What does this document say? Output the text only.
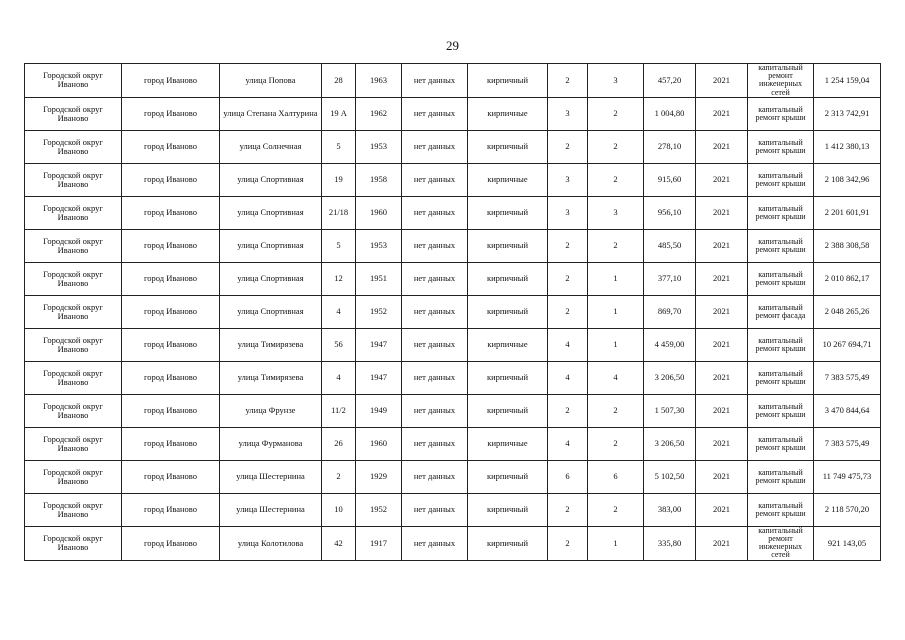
29
Городской округ Иваново	город Иваново	улица Попова	28	1963	нет данных	кирпичный	2	3	457,20	2021	капитальный ремонт инженерных сетей	1 254 159,04
Городской округ Иваново	город Иваново	улица Степана Халтурина	19 А	1962	нет данных	кирпичные	3	2	1 004,80	2021	капитальный ремонт крыши	2 313 742,91
Городской округ Иваново	город Иваново	улица Солнечная	5	1953	нет данных	кирпичный	2	2	278,10	2021	капитальный ремонт крыши	1 412 380,13
Городской округ Иваново	город Иваново	улица Спортивная	19	1958	нет данных	кирпичные	3	2	915,60	2021	капитальный ремонт крыши	2 108 342,96
Городской округ Иваново	город Иваново	улица Спортивная	21/18	1960	нет данных	кирпичный	3	3	956,10	2021	капитальный ремонт крыши	2 201 601,91
Городской округ Иваново	город Иваново	улица Спортивная	5	1953	нет данных	кирпичный	2	2	485,50	2021	капитальный ремонт крыши	2 388 308,58
Городской округ Иваново	город Иваново	улица Спортивная	12	1951	нет данных	кирпичный	2	1	377,10	2021	капитальный ремонт крыши	2 010 862,17
Городской округ Иваново	город Иваново	улица Спортивная	4	1952	нет данных	кирпичный	2	1	869,70	2021	капитальный ремонт фасада	2 048 265,26
Городской округ Иваново	город Иваново	улица Тимирязева	56	1947	нет данных	кирпичные	4	1	4 459,00	2021	капитальный ремонт крыши	10 267 694,71
Городской округ Иваново	город Иваново	улица Тимирязева	4	1947	нет данных	кирпичный	4	4	3 206,50	2021	капитальный ремонт крыши	7 383 575,49
Городской округ Иваново	город Иваново	улица Фрунзе	11/2	1949	нет данных	кирпичный	2	2	1 507,30	2021	капитальный ремонт крыши	3 470 844,64
Городской округ Иваново	город Иваново	улица Фурманова	26	1960	нет данных	кирпичные	4	2	3 206,50	2021	капитальный ремонт крыши	7 383 575,49
Городской округ Иваново	город Иваново	улица Шестернина	2	1929	нет данных	кирпичный	6	6	5 102,50	2021	капитальный ремонт крыши	11 749 475,73
Городской округ Иваново	город Иваново	улица Шестернина	10	1952	нет данных	кирпичный	2	2	383,00	2021	капитальный ремонт крыши	2 118 570,20
Городской округ Иваново	город Иваново	улица Колотилова	42	1917	нет данных	кирпичный	2	1	335,80	2021	капитальный ремонт инженерных сетей	921 143,05
